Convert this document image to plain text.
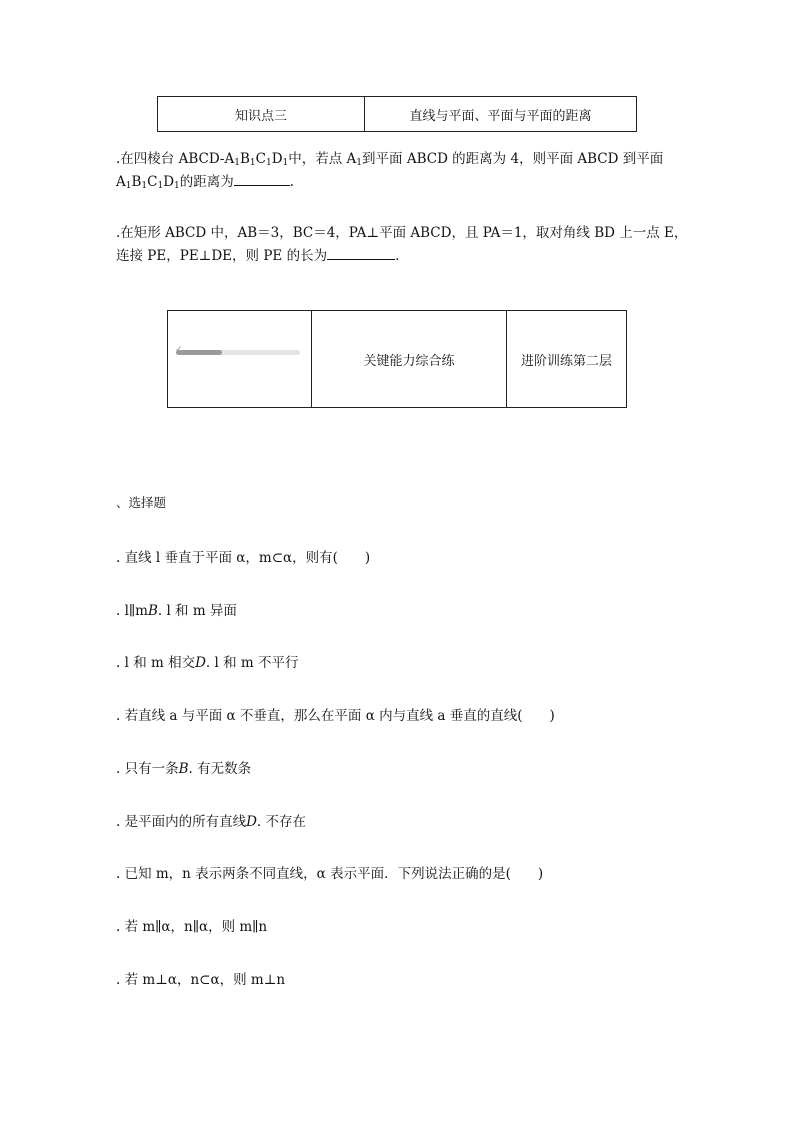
知识点三	直线与平面、平面与平面的距离
.在四棱台 ABCD-$A_1B_1C_1D_1$中，若点 $A_1$到平面 ABCD 的距离为 4，则平面 ABCD 到平面
$A_1B_1C_1D_1$的距离为	.
.在矩形 ABCD 中，AB＝3，BC＝4，PA⊥平面 ABCD，且 PA＝1，取对角线 BD 上一点 E，
连接 PE，PE⊥DE，则 PE 的长为	.
	关键能力综合练	进阶训练第二层
、选择题
. 直线 l 垂直于平面 α，m⊂α，则有(　　)
. l∥mB. l 和 m 异面
. l 和 m 相交D. l 和 m 不平行
. 若直线 a 与平面 α 不垂直，那么在平面 α 内与直线 a 垂直的直线(　　)
. 只有一条B. 有无数条
. 是平面内的所有直线D. 不存在
. 已知 m，n 表示两条不同直线，α 表示平面．下列说法正确的是(　　)
. 若 m∥α，n∥α，则 m∥n
. 若 m⊥α，n⊂α，则 m⊥n
